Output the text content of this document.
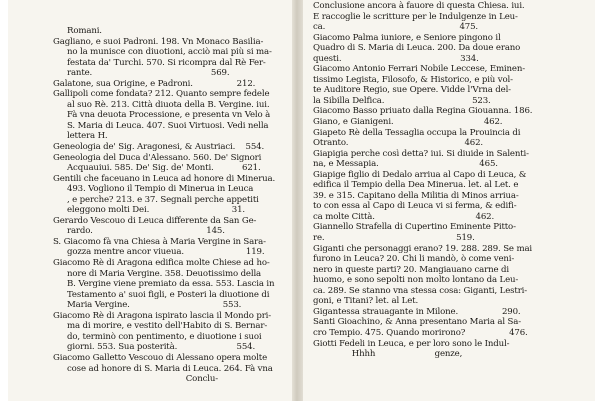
Romani.
Gagliano, e suoi Padroni. 198. Vn Monaco Basilia-
no la munisce con diuotioni, acciò mai più si ma-
festata da' Turchi. 570. Si ricompra dal Rè Fer-
rante.                                              569.
Galatone, sua Origine, e Padroni.                 212.
Gallipoli come fondata? 212. Quanto sempre fedele
al suo Rè. 213. Città diuota della B. Vergine. iui.
Fà vna deuota Processione, e presenta vn Velo à
S. Maria di Leuca. 407. Suoi Virtuosi. Vedi nella
lettera H.
Geneologia de' Sig. Aragonesi, & Austriaci.    554.
Geneologia del Duca d'Alessano. 560. De' Signori
Acquauiui. 585. De' Sig. de' Monti.           621.
Gentili che faceuano in Leuca ad honore di Minerua.
493. Vogliono il Tempio di Minerua in Leuca
, e perche? 213. e 37. Segnali perche appetiti
eleggono molti Dei.                                31.
Gerardo Vescouo di Leuca differente da San Ge-
rardo.                                            145.
S. Giacomo fà vna Chiesa à Maria Vergine in Sara-
gozza mentre ancor viueua.                        119.
Giacomo Rè di Aragona edifica molte Chiese ad ho-
nore di Maria Vergine. 358. Deuotissimo della
B. Vergine viene premiato da essa. 553. Lascia in
Testamento a' suoi figli, e Posteri la diuotione di
Maria Vergine.                                    553.
Giacomo Rè di Aragona ispirato lascia il Mondo pri-
ma di morire, e vestito dell'Habito di S. Bernar-
do, terminò con pentimento, e diuotione i suoi
giorni. 553. Sua posterità.                       554.
Giacomo Galletto Vescouo di Alessano opera molte
cose ad honore di S. Maria di Leuca. 264. Fà vna
Conclu-
Conclusione ancora à fauore di questa Chiesa. iui.
E raccoglie le scritture per le Indulgenze in Leu-
ca.                                                    475.
Giacomo Palma iuniore, e Seniore pingono il
Quadro di S. Maria di Leuca. 200. Da doue erano
questi.                                              334.
Giacomo Antonio Ferrari Nobile Leccese, Eminen-
tissimo Legista, Filosofo, & Historico, e più vol-
te Auditore Regio, sue Opere. Vidde l'Vrna del-
la Sibilla Delfica.                                  523.
Giacomo Basso priuato dalla Regina Giouanna. 186.
Giano, e Gianigeni.                                   462.
Giapeto Rè della Tessaglia occupa la Prouincia di
Otranto.                                             462.
Giapigia perche così detta? iui. Si diuide in Salenti-
na, e Messapia.                                       465.
Giapige figlio di Dedalo arriua al Capo di Leuca, &
edifica il Tempio della Dea Minerua. let. al Let. e
39. e 315. Capitano della Militia di Minos arriua-
to con essa al Capo di Leuca vi si ferma, & edifi-
ca molte Città.                                       462.
Giannello Strafella di Cupertino Eminente Pitto-
re.                                                   519.
Giganti che personaggi erano? 19. 288. 289. Se mai
furono in Leuca? 20. Chi li mandò, ò come veni-
nero in queste parti? 20. Mangiauano carne di
huomo, e sono sepolti non molto lontano da Leu-
ca. 289. Se stanno vna stessa cosa: Giganti, Lestri-
goni, e Titani? let. al Let.
Gigantessa strauagante in Milone.                 290.
Santi Gioachino, & Anna presentano Maria al Sa-
cro Tempio. 475. Quando morirono?                 476.
Giotti Fedeli in Leuca, e per loro sono le Indul-
Hhhh                       genze,
